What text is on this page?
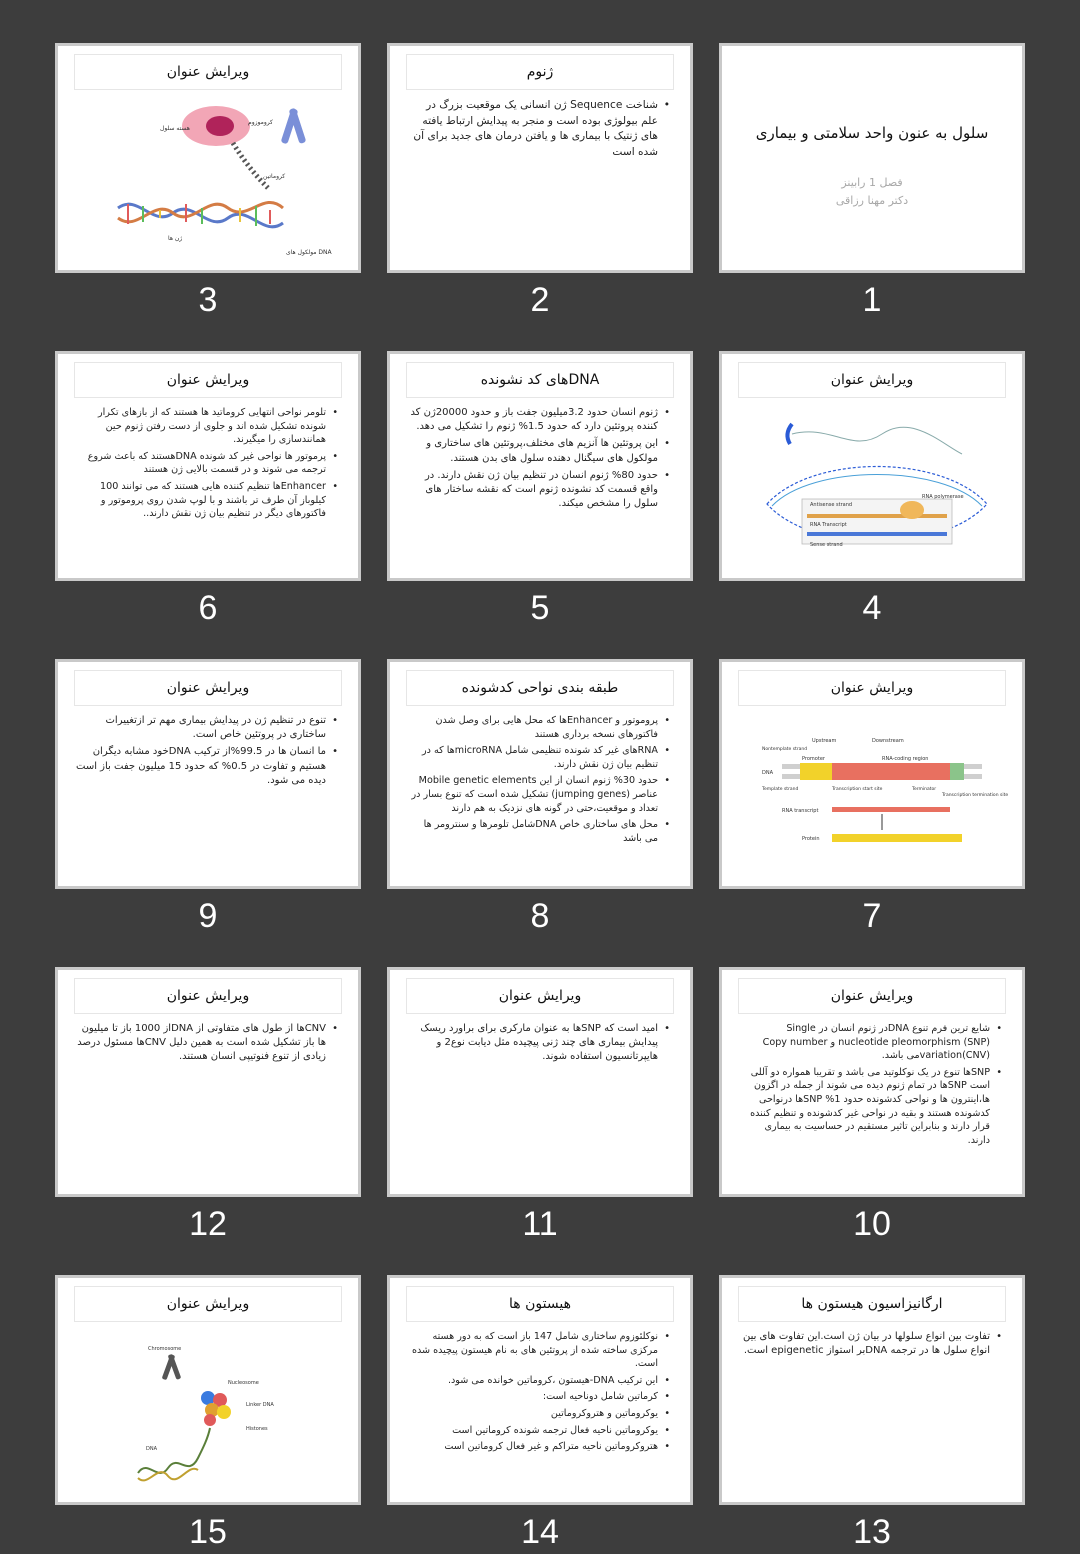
سلول به عنون واحد سلامتی و بیماری
فصل 1 رابینز
دکتر مهنا رزاقی
1
ژنوم
• شناخت Sequence ژن انسانی یک موقعیت بزرگ در علم بیولوژی بوده است و منجر به پیدایش ارتباط یافته های ژنتیک با بیماری ها و یافتن درمان های جدید برای آن شده است
2
ویرایش عنوان
هسته سلول
کروموزوم
کروماتین
مولکول های DNA
ژن ها
3
ویرایش عنوان
Antisense strand
RNA polymerase
Sense strand
RNA Transcript
4
DNAهای کد نشونده
• ژنوم انسان حدود 3.2میلیون جفت باز و حدود 20000ژن کد کننده پروتئین دارد که حدود 1.5% ژنوم را تشکیل می دهد.
• این پروتئین ها آنزیم های مختلف،پروتئین های ساختاری و مولکول های سیگنال دهنده سلول های بدن هستند.
• حدود 80% ژنوم انسان در تنظیم بیان ژن نقش دارند. در واقع قسمت کد نشونده ژنوم است که نقشه ساختار های سلول را مشخص میکند.
5
ویرایش عنوان
• تلومر نواحی انتهایی کروماتید ها هستند که از بازهای تکرار شونده تشکیل شده اند و جلوی از دست رفتن ژنوم حین همانندسازی را میگیرند.
• پرموتور ها نواحی غیر کد شونده DNAهستند که باعث شروع ترجمه می شوند و در قسمت بالایی ژن هستند
• Enhancerها تنظیم کننده هایی هستند که می توانند 100 کیلوباز آن طرف تر باشند و با لوپ شدن روی پروموتور و فاکتورهای دیگر در تنظیم بیان ژن نقش دارند..
6
ویرایش عنوان
Upstream	Downstream
Nontemplate strand
Promoter	RNA-coding region
DNA
Template strand	Transcription start site	Terminator
Transcription termination site
RNA transcript
Protein
7
طبقه بندی نواحی کدشونده
• پروموتور و Enhancerها که محل هایی برای وصل شدن فاکتورهای نسخه برداری هستند
• RNAهای غیر کد شونده تنظیمی شامل microRNAها که در تنظیم بیان ژن نقش دارند.
• حدود 30% ژنوم انسان از این Mobile genetic elements عناصر (jumping genes) تشکیل شده است که تنوع بسار در تعداد و موقعیت،حتی در گونه های نزدیک به هم دارند
• محل های ساختاری خاص DNAشامل تلومرها و سنترومر ها می باشد
8
ویرایش عنوان
• تنوع در تنظیم ژن در پیدایش بیماری مهم تر ازتغییرات ساختاری در پروتئین خاص است.
• ما انسان ها در 99.5%از ترکیب DNAخود مشابه دیگران هستیم و تفاوت در 0.5% که حدود 15 میلیون جفت باز است دیده می شود.
9
ویرایش عنوان
• شایع ترین فرم تنوع DNAدر ژنوم انسان در Single nucleotide pleomorphism (SNP) و Copy number variation(CNV)می باشد.
• SNPها تنوع در یک نوکلوتید می باشد و تقریبا همواره دو آللی است SNPها در تمام ژنوم دیده می شوند از جمله در اگزون ها،اینترون ها و نواحی کدشونده حدود 1% SNPها درنواحی کدشونده هستند و بقیه در نواحی غیر کدشونده و تنظیم کننده قرار دارند و بنابراین تاثیر مستقیم در حساسیت به بیماری دارند.
10
ویرایش عنوان
• امید است که SNPها به عنوان مارکری برای براورد ریسک پیدایش بیماری های چند ژنی پیچیده مثل دیابت نوع2 و هایپرتانسیون استفاده شوند.
11
ویرایش عنوان
• CNVها از طول های متفاوتی از DNAاز 1000 باز تا میلیون ها باز تشکیل شده است به همین دلیل CNVها مسئول درصد زیادی از تنوع فنوتیپی انسان هستند.
12
ارگانیزاسیون هیستون ها
• تفاوت بین انواع سلولها در بیان ژن است.این تفاوت های بین انواع سلول ها در ترجمه DNAبر استواز epigenetic است.
13
هیستون ها
• نوکلئوزوم ساختاری شامل 147 باز است که به دور هسته مرکزی ساخته شده از پروتئین های به نام هیستون پیچیده شده است.
• این ترکیب DNA-هیستون ،کروماتین خوانده می شود.
• کرماتین شامل دوناحیه است:
• یوکروماتین و هتروکروماتین
• یوکروماتین ناحیه فعال ترجمه شونده کروماتین است
• هتروکروماتین ناحیه متراکم و غیر فعال کروماتین است
14
ویرایش عنوان
Chromosome
Nucleosome
Linker DNA
Histones
DNA
15
